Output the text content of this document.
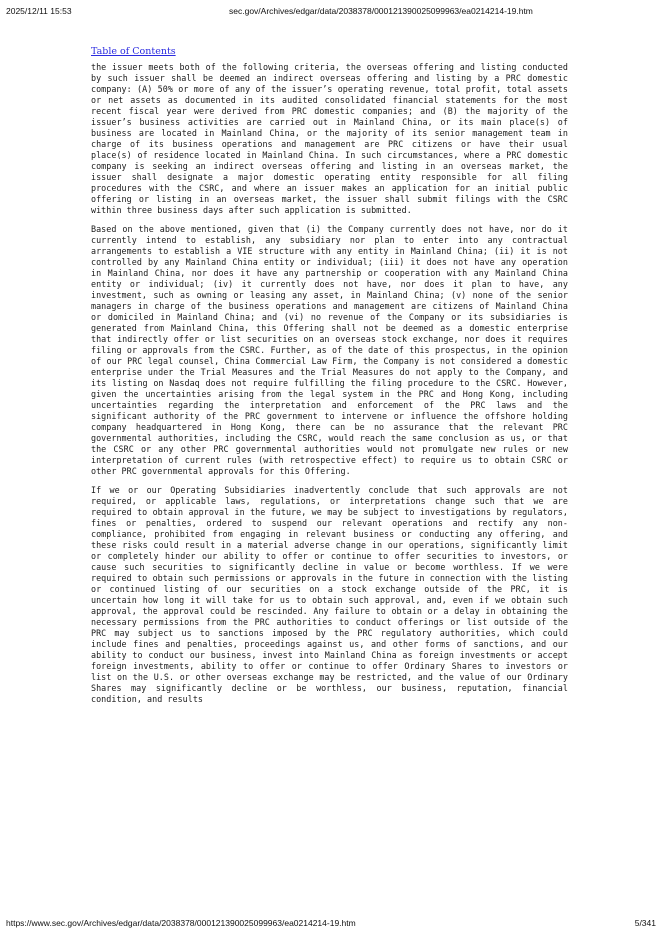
2025/12/11 15:53	sec.gov/Archives/edgar/data/2038378/000121390025099963/ea0214214-19.htm
Table of Contents

the issuer meets both of the following criteria, the overseas offering and listing conducted by such issuer shall be deemed an indirect overseas offering and listing by a PRC domestic company: (A) 50% or more of any of the issuer’s operating revenue, total profit, total assets or net assets as documented in its audited consolidated financial statements for the most recent fiscal year were derived from PRC domestic companies; and (B) the majority of the issuer’s business activities are carried out in Mainland China, or its main place(s) of business are located in Mainland China, or the majority of its senior management team in charge of its business operations and management are PRC citizens or have their usual place(s) of residence located in Mainland China. In such circumstances, where a PRC domestic company is seeking an indirect overseas offering and listing in an overseas market, the issuer shall designate a major domestic operating entity responsible for all filing procedures with the CSRC, and where an issuer makes an application for an initial public offering or listing in an overseas market, the issuer shall submit filings with the CSRC within three business days after such application is submitted.

Based on the above mentioned, given that (i) the Company currently does not have, nor do it currently intend to establish, any subsidiary nor plan to enter into any contractual arrangements to establish a VIE structure with any entity in Mainland China; (ii) it is not controlled by any Mainland China entity or individual; (iii) it does not have any operation in Mainland China, nor does it have any partnership or cooperation with any Mainland China entity or individual; (iv) it currently does not have, nor does it plan to have, any investment, such as owning or leasing any asset, in Mainland China; (v) none of the senior managers in charge of the business operations and management are citizens of Mainland China or domiciled in Mainland China; and (vi) no revenue of the Company or its subsidiaries is generated from Mainland China, this Offering shall not be deemed as a domestic enterprise that indirectly offer or list securities on an overseas stock exchange, nor does it requires filing or approvals from the CSRC. Further, as of the date of this prospectus, in the opinion of our PRC legal counsel, China Commercial Law Firm, the Company is not considered a domestic enterprise under the Trial Measures and the Trial Measures do not apply to the Company, and its listing on Nasdaq does not require fulfilling the filing procedure to the CSRC. However, given the uncertainties arising from the legal system in the PRC and Hong Kong, including uncertainties regarding the interpretation and enforcement of the PRC laws and the significant authority of the PRC government to intervene or influence the offshore holding company headquartered in Hong Kong, there can be no assurance that the relevant PRC governmental authorities, including the CSRC, would reach the same conclusion as us, or that the CSRC or any other PRC governmental authorities would not promulgate new rules or new interpretation of current rules (with retrospective effect) to require us to obtain CSRC or other PRC governmental approvals for this Offering.

If we or our Operating Subsidiaries inadvertently conclude that such approvals are not required, or applicable laws, regulations, or interpretations change such that we are required to obtain approval in the future, we may be subject to investigations by regulators, fines or penalties, ordered to suspend our relevant operations and rectify any non-compliance, prohibited from engaging in relevant business or conducting any offering, and these risks could result in a material adverse change in our operations, significantly limit or completely hinder our ability to offer or continue to offer securities to investors, or cause such securities to significantly decline in value or become worthless. If we were required to obtain such permissions or approvals in the future in connection with the listing or continued listing of our securities on a stock exchange outside of the PRC, it is uncertain how long it will take for us to obtain such approval, and, even if we obtain such approval, the approval could be rescinded. Any failure to obtain or a delay in obtaining the necessary permissions from the PRC authorities to conduct offerings or list outside of the PRC may subject us to sanctions imposed by the PRC regulatory authorities, which could include fines and penalties, proceedings against us, and other forms of sanctions, and our ability to conduct our business, invest into Mainland China as foreign investments or accept foreign investments, ability to offer or continue to offer Ordinary Shares to investors or list on the U.S. or other overseas exchange may be restricted, and the value of our Ordinary Shares may significantly decline or be worthless, our business, reputation, financial condition, and results

https://www.sec.gov/Archives/edgar/data/2038378/000121390025099963/ea0214214-19.htm	5/341
